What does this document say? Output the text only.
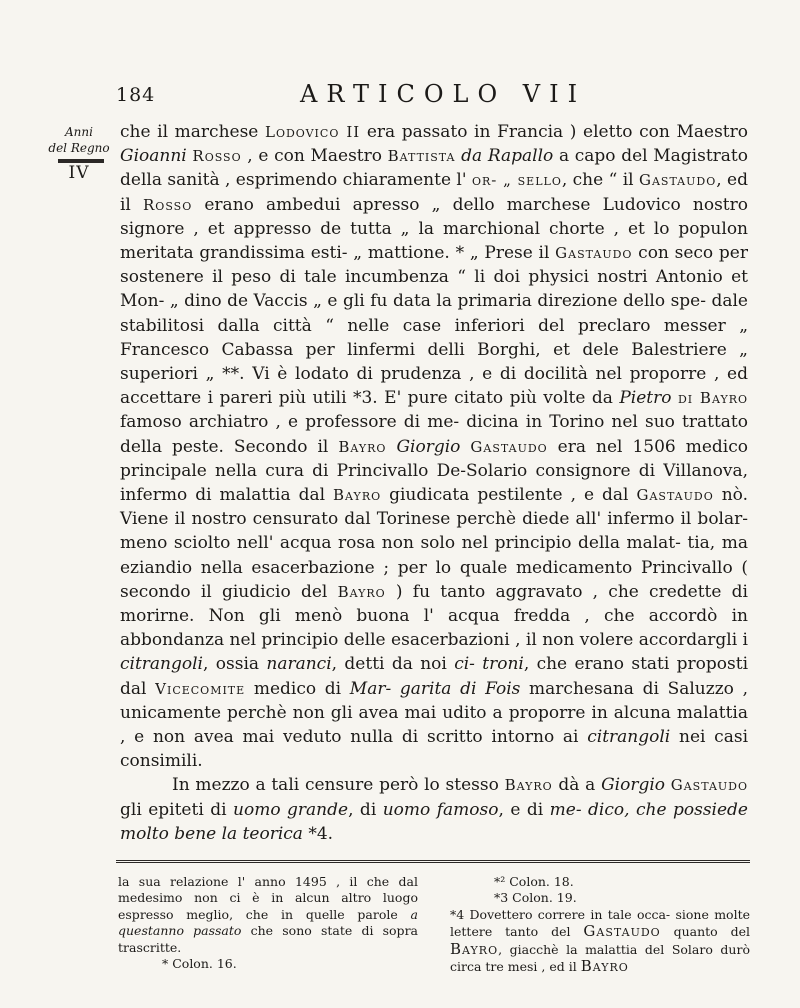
184	ARTICOLO VII
Anni
del Regno
IV

che il marchese Lodovico II era passato in Francia ) eletto con Maestro Gioanni Rosso , e con Maestro Battista da Rapallo a capo del Magistrato della sanità , esprimendo chiaramente l' or- „ sello, che “ il Gastaudo, ed il Rosso erano ambedui apresso „ dello marchese Ludovico nostro signore , et appresso de tutta „ la marchional chorte , et lo populon meritata grandissima esti- „ mattione. * „ Prese il Gastaudo con seco per sostenere il peso di tale incumbenza “ li doi physici nostri Antonio et Mon- „ dino de Vaccis „ e gli fu data la primaria direzione dello spe- dale stabilitosi dalla città “ nelle case inferiori del preclaro messer „ Francesco Cabassa per linfermi delli Borghi, et dele Balestriere „ superiori „ **. Vi è lodato di prudenza , e di docilità nel proporre , ed accettare i pareri più utili *3. E' pure citato più volte da Pietro di Bayro famoso archiatro , e professore di me- dicina in Torino nel suo trattato della peste. Secondo il Bayro Giorgio Gastaudo era nel 1506 medico principale nella cura di Princivallo De-Solario consignore di Villanova, infermo di malattia dal Bayro giudicata pestilente , e dal Gastaudo nò. Viene il nostro censurato dal Torinese perchè diede all' infermo il bolar- meno sciolto nell' acqua rosa non solo nel principio della malat- tia, ma eziandio nella esacerbazione ; per lo quale medicamento Princivallo ( secondo il giudicio del Bayro ) fu tanto aggravato , che credette di morirne. Non gli menò buona l' acqua fredda , che accordò in abbondanza nel principio delle esacerbazioni , il non volere accordargli i citrangoli, ossia naranci, detti da noi ci- troni, che erano stati proposti dal Vicecomite medico di Mar- garita di Fois marchesana di Saluzzo , unicamente perchè non gli avea mai udito a proporre in alcuna malattia , e non avea mai veduto nulla di scritto intorno ai citrangoli nei casi consimili.

In mezzo a tali censure però lo stesso Bayro dà a Giorgio Gastaudo gli epiteti di uomo grande, di uomo famoso, e di me- dico, che possiede molto bene la teorica *4.

la sua relazione l' anno 1495 , il che dal medesimo non ci è in alcun altro luogo espresso meglio, che in quelle parole a questanno passato che sono state di sopra trascritte.

* Colon. 16.

*² Colon. 18.

*3 Colon. 19.

*4 Dovettero correre in tale occa- sione molte lettere tanto del Gastaudo quanto del Bayro, giacchè la malattia del Solaro durò circa tre mesi , ed il Bayro
